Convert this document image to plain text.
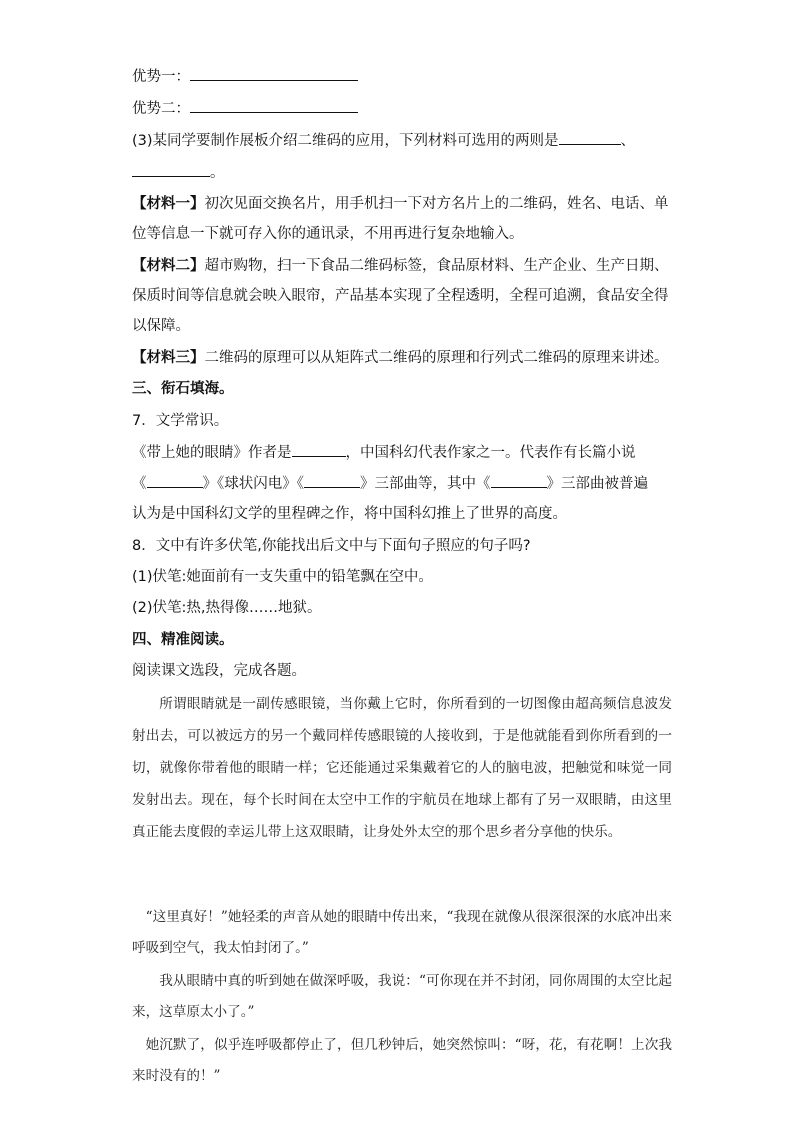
优势一：
优势二：
(3)某同学要制作展板介绍二维码的应用，下列材料可选用的两则是	、
。
【材料一】初次见面交换名片，用手机扫一下对方名片上的二维码，姓名、电话、单
位等信息一下就可存入你的通讯录，不用再进行复杂地输入。
【材料二】超市购物，扫一下食品二维码标签，食品原材料、生产企业、生产日期、
保质时间等信息就会映入眼帘，产品基本实现了全程透明，全程可追溯，食品安全得
以保障。
【材料三】二维码的原理可以从矩阵式二维码的原理和行列式二维码的原理来讲述。
三、衔石填海。
7．文学常识。
《带上她的眼睛》作者是	，中国科幻代表作家之一。代表作有长篇小说
《	》《球状闪电》《	》三部曲等，其中《	》三部曲被普遍
认为是中国科幻文学的里程碑之作，将中国科幻推上了世界的高度。
8．文中有许多伏笔,你能找出后文中与下面句子照应的句子吗?
(1)伏笔:她面前有一支失重中的铅笔飘在空中。
(2)伏笔:热,热得像……地狱。
四、精准阅读。
阅读课文选段，完成各题。

所谓眼睛就是一副传感眼镜，当你戴上它时，你所看到的一切图像由超高频信息波发射出去，可以被远方的另一个戴同样传感眼镜的人接收到，于是他就能看到你所看到的一切，就像你带着他的眼睛一样；它还能通过采集戴着它的人的脑电波，把触觉和味觉一同发射出去。现在，每个长时间在太空中工作的宇航员在地球上都有了另一双眼睛，由这里真正能去度假的幸运儿带上这双眼睛，让身处外太空的那个思乡者分享他的快乐。

“这里真好！”她轻柔的声音从她的眼睛中传出来，“我现在就像从很深很深的水底冲出来呼吸到空气，我太怕封闭了。”

我从眼睛中真的听到她在做深呼吸，我说：“可你现在并不封闭，同你周围的太空比起来，这草原太小了。”

她沉默了，似乎连呼吸都停止了，但几秒钟后，她突然惊叫：“呀，花，有花啊！上次我来时没有的！”
